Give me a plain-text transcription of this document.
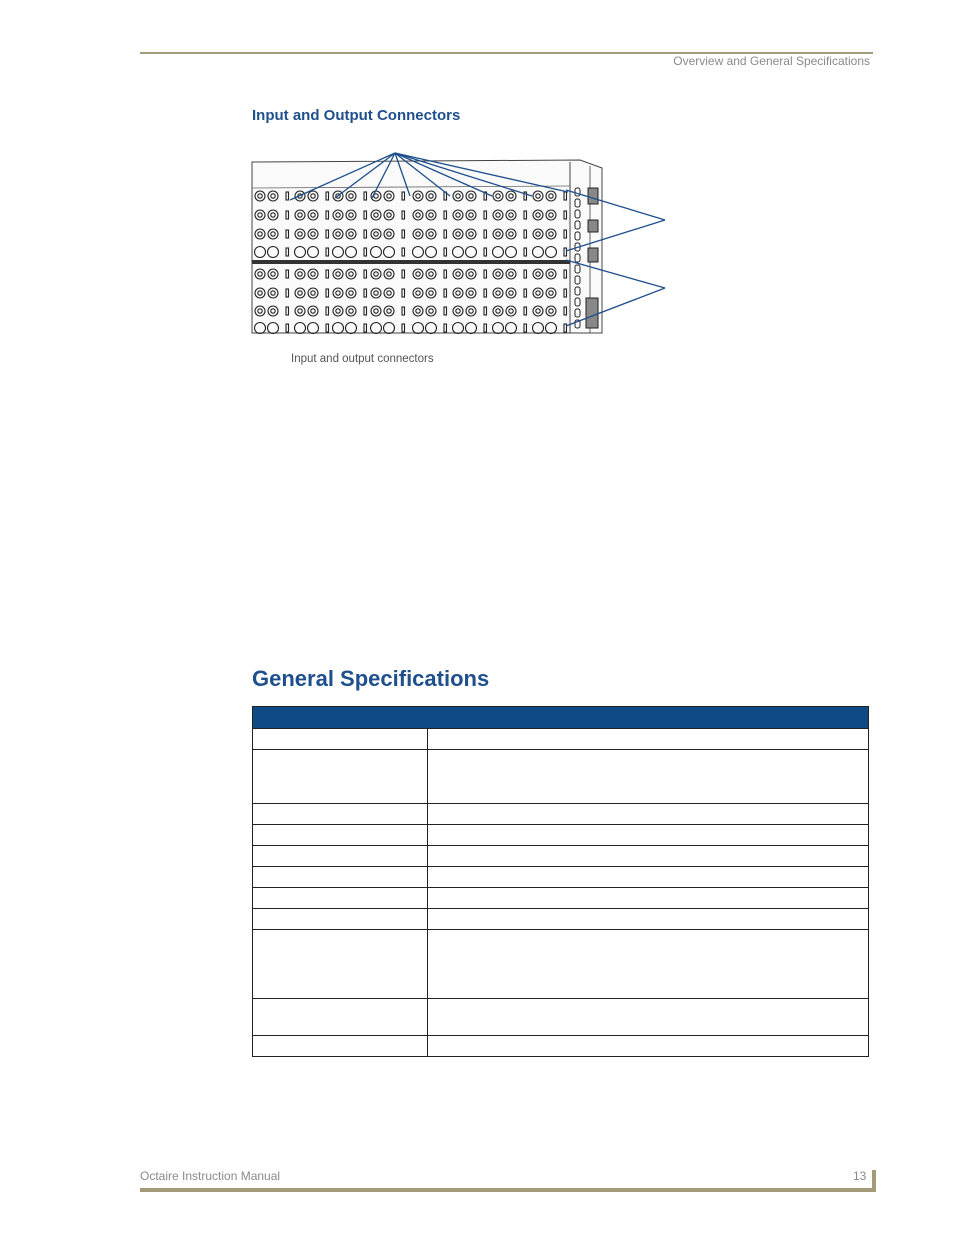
Overview and General Specifications
Input and Output Connectors
Input and output connectors
General Specifications

Octaire Instruction Manual	13
